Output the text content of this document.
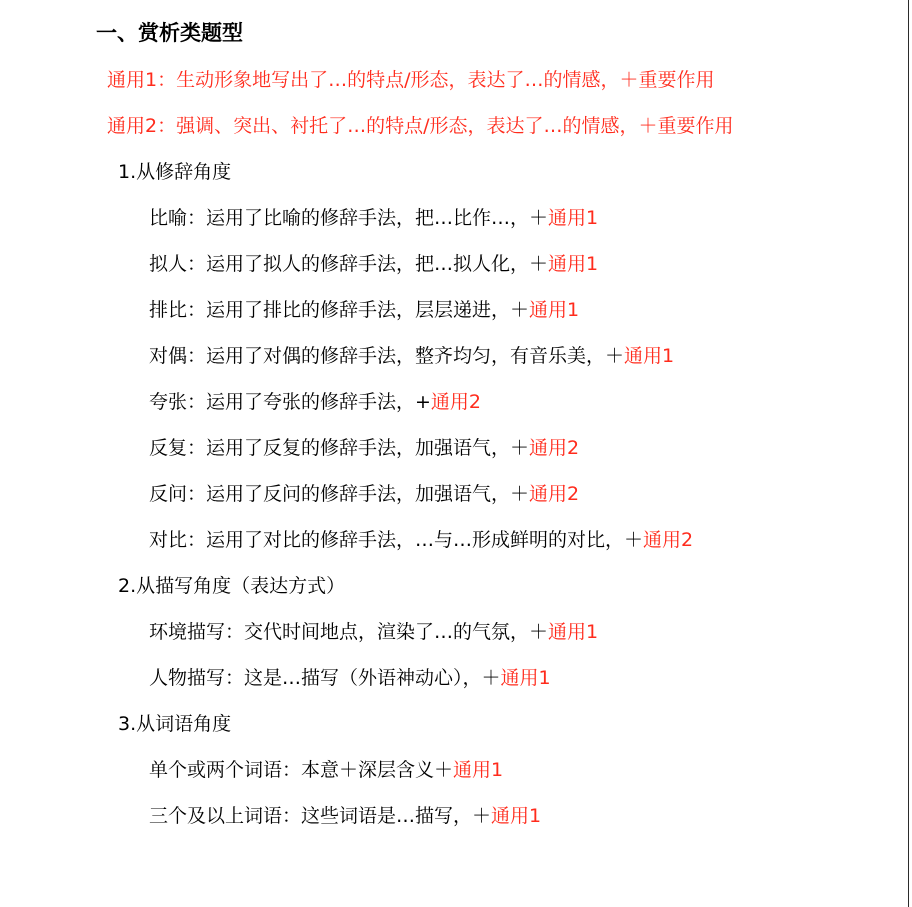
一、赏析类题型
通用1：生动形象地写出了…的特点/形态，表达了…的情感，＋重要作用
通用2：强调、突出、衬托了…的特点/形态，表达了…的情感，＋重要作用
1.从修辞角度
比喻：运用了比喻的修辞手法，把…比作…，＋通用1
拟人：运用了拟人的修辞手法，把…拟人化，＋通用1
排比：运用了排比的修辞手法，层层递进，＋通用1
对偶：运用了对偶的修辞手法，整齐均匀，有音乐美，＋通用1
夸张：运用了夸张的修辞手法，+通用2
反复：运用了反复的修辞手法，加强语气，＋通用2
反问：运用了反问的修辞手法，加强语气，＋通用2
对比：运用了对比的修辞手法，…与…形成鲜明的对比，＋通用2
2.从描写角度（表达方式）
环境描写：交代时间地点，渲染了…的气氛，＋通用1
人物描写：这是…描写（外语神动心），＋通用1
3.从词语角度
单个或两个词语：本意＋深层含义＋通用1
三个及以上词语：这些词语是…描写，＋通用1
